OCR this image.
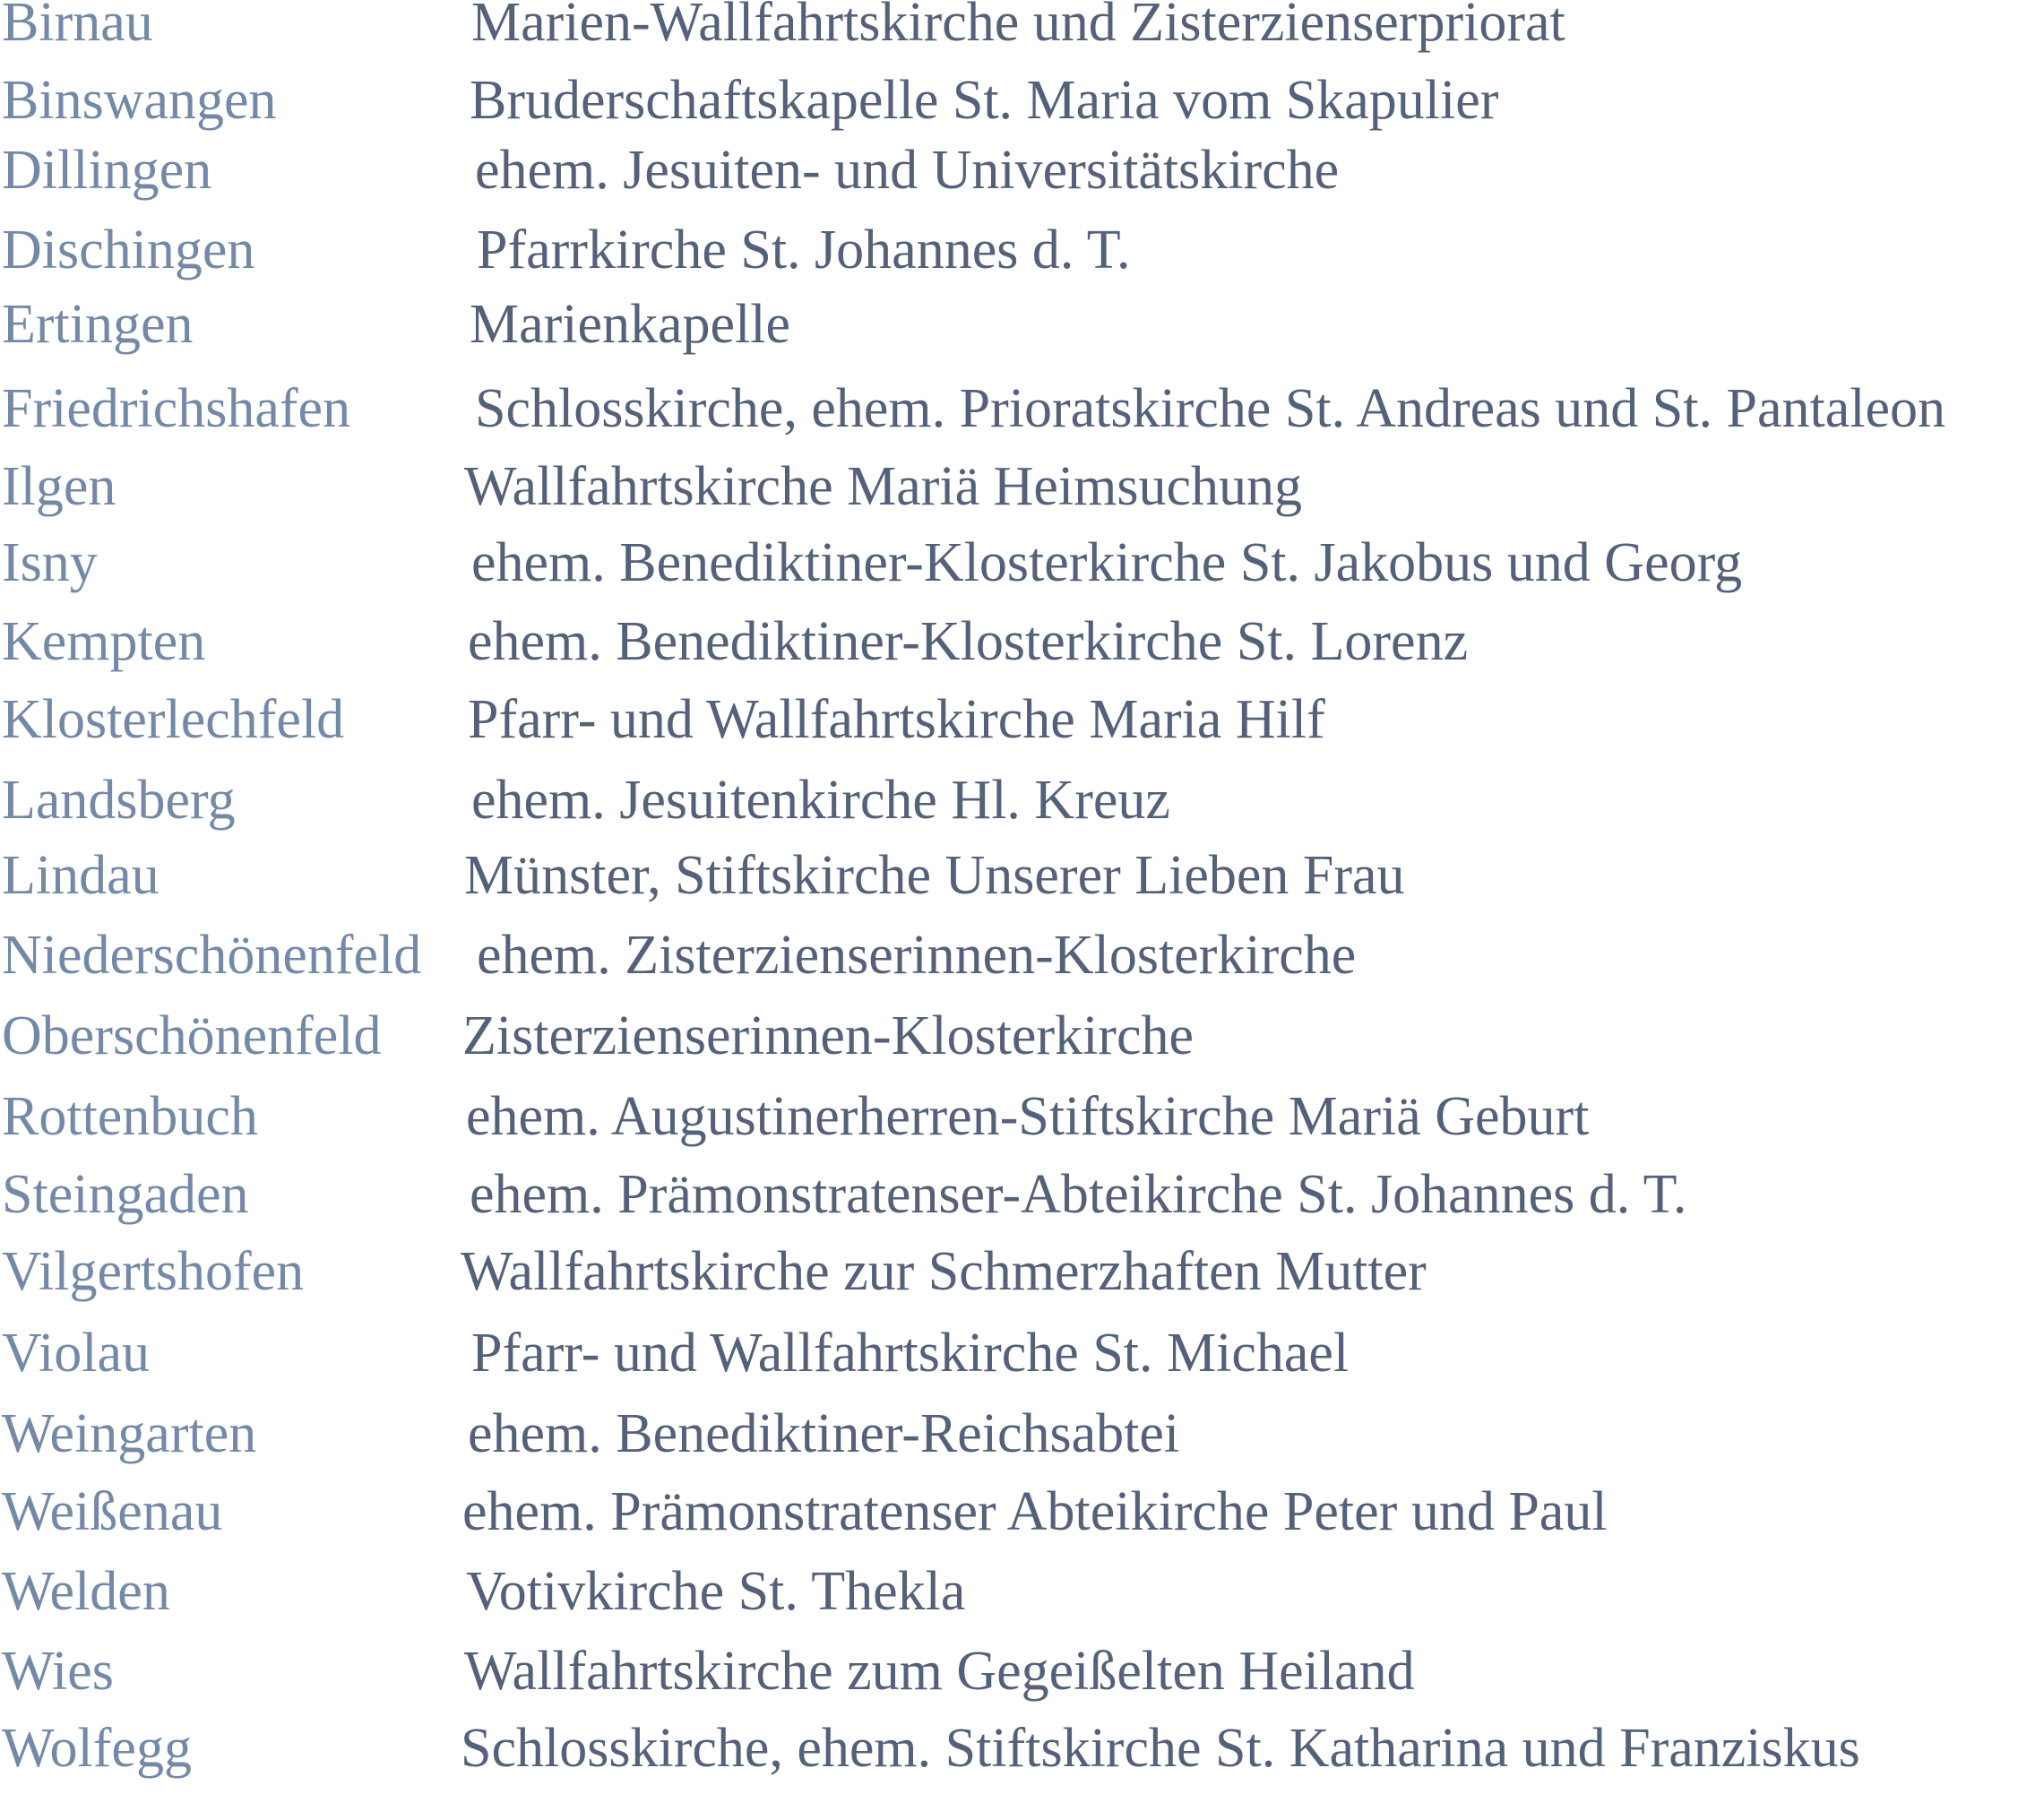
Birnau	Marien-Wallfahrtskirche und Zisterzienserpriorat
Binswangen	Bruderschaftskapelle St. Maria vom Skapulier
Dillingen	ehem. Jesuiten- und Universitätskirche
Dischingen	Pfarrkirche St. Johannes d. T.
Ertingen	Marienkapelle
Friedrichshafen Schlosskirche, ehem. Prioratskirche St. Andreas und St. Pantaleon
Ilgen	Wallfahrtskirche Mariä Heimsuchung
Isny	ehem. Benediktiner-Klosterkirche St. Jakobus und Georg
Kempten	ehem. Benediktiner-Klosterkirche St. Lorenz
Klosterlechfeld Pfarr- und Wallfahrtskirche Maria Hilf
Landsberg	ehem. Jesuitenkirche Hl. Kreuz
Lindau	Münster, Stiftskirche Unserer Lieben Frau
Niederschönenfeld ehem. Zisterzienserinnen-Klosterkirche
Oberschönenfeld Zisterzienserinnen-Klosterkirche
Rottenbuch	ehem. Augustinerherren-Stiftskirche Mariä Geburt
Steingaden	ehem. Prämonstratenser-Abteikirche St. Johannes d. T.
Vilgertshofen	Wallfahrtskirche zur Schmerzhaften Mutter
Violau	Pfarr- und Wallfahrtskirche St. Michael
Weingarten	ehem. Benediktiner-Reichsabtei
Weißenau	ehem. Prämonstratenser Abteikirche Peter und Paul
Welden	Votivkirche St. Thekla
Wies	Wallfahrtskirche zum Gegeißelten Heiland
Wolfegg	Schlosskirche, ehem. Stiftskirche St. Katharina und Franziskus
